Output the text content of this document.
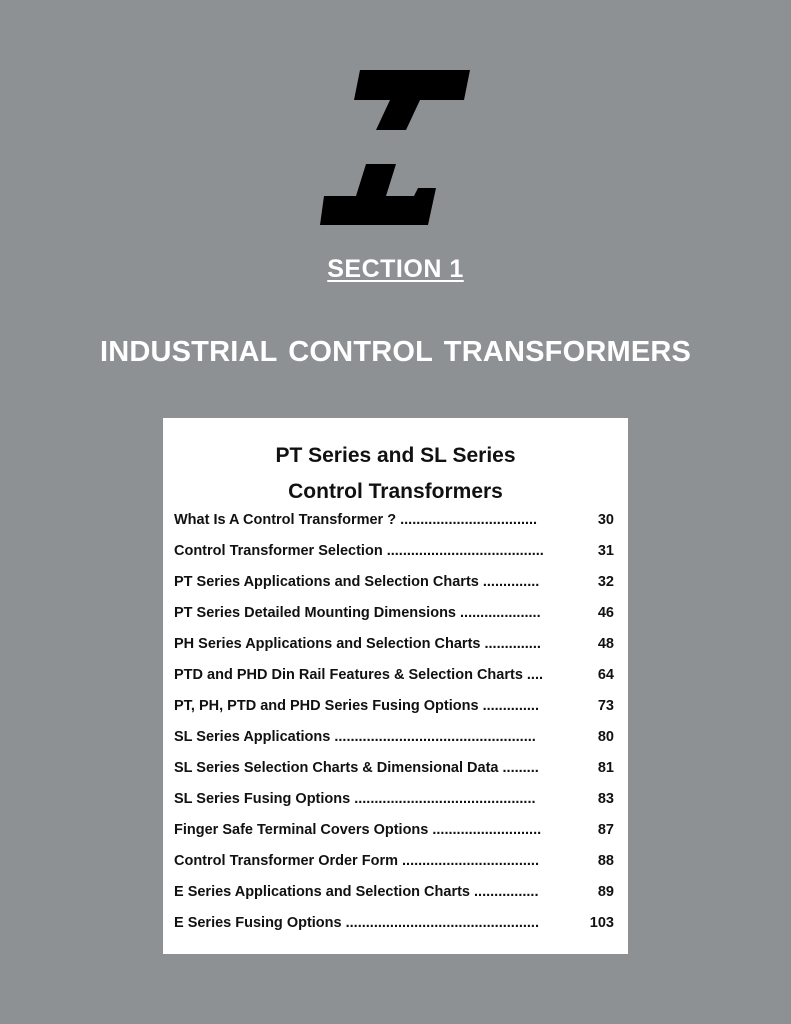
SECTION 1
INDUSTRIAL CONTROL TRANSFORMERS
PT Series and SL Series
Control Transformers
What Is A Control Transformer ? ..................................	30
Control Transformer Selection .......................................	31
PT Series Applications and Selection Charts ..............	32
PT Series Detailed Mounting Dimensions ....................	46
PH Series Applications and Selection Charts ..............	48
PTD and PHD Din Rail Features & Selection Charts ....	64
PT, PH, PTD and PHD Series Fusing Options ..............	73
SL Series Applications ..................................................	80
SL Series Selection Charts & Dimensional Data .........	81
SL Series Fusing Options .............................................	83
Finger Safe Terminal Covers Options ...........................	87
Control Transformer Order Form ..................................	88
E Series Applications and Selection Charts ................	89
E Series Fusing Options ................................................	103
